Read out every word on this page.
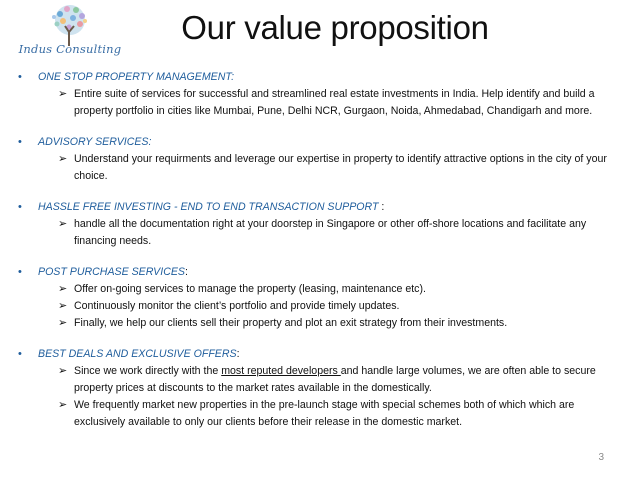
Indus Consulting
Our value proposition
• ONE STOP PROPERTY MANAGEMENT:
➢ Entire suite of services for successful and streamlined real estate investments in India. Help identify and build a property portfolio in cities like Mumbai, Pune, Delhi NCR, Gurgaon, Noida, Ahmedabad, Chandigarh and more.
• ADVISORY SERVICES:
➢ Understand your requirments and leverage our expertise in property to identify attractive options in the city of your choice.
• HASSLE FREE INVESTING - END TO END TRANSACTION SUPPORT :
➢ handle all the documentation right at your doorstep in Singapore or other off-shore locations and facilitate any financing needs.
• POST PURCHASE SERVICES:
➢ Offer on-going services to manage the property (leasing, maintenance etc).
➢ Continuously monitor the client’s portfolio and provide timely updates.
➢ Finally, we help our clients sell their property and plot an exit strategy from their investments.
• BEST DEALS AND EXCLUSIVE OFFERS:
➢ Since we work directly with the most reputed developers and handle large volumes, we are often able to secure property prices at discounts to the market rates available in the domestically.
➢ We frequently market new properties in the pre-launch stage with special schemes both of which which are exclusively available to only our clients before their release in the domestic market.
3
